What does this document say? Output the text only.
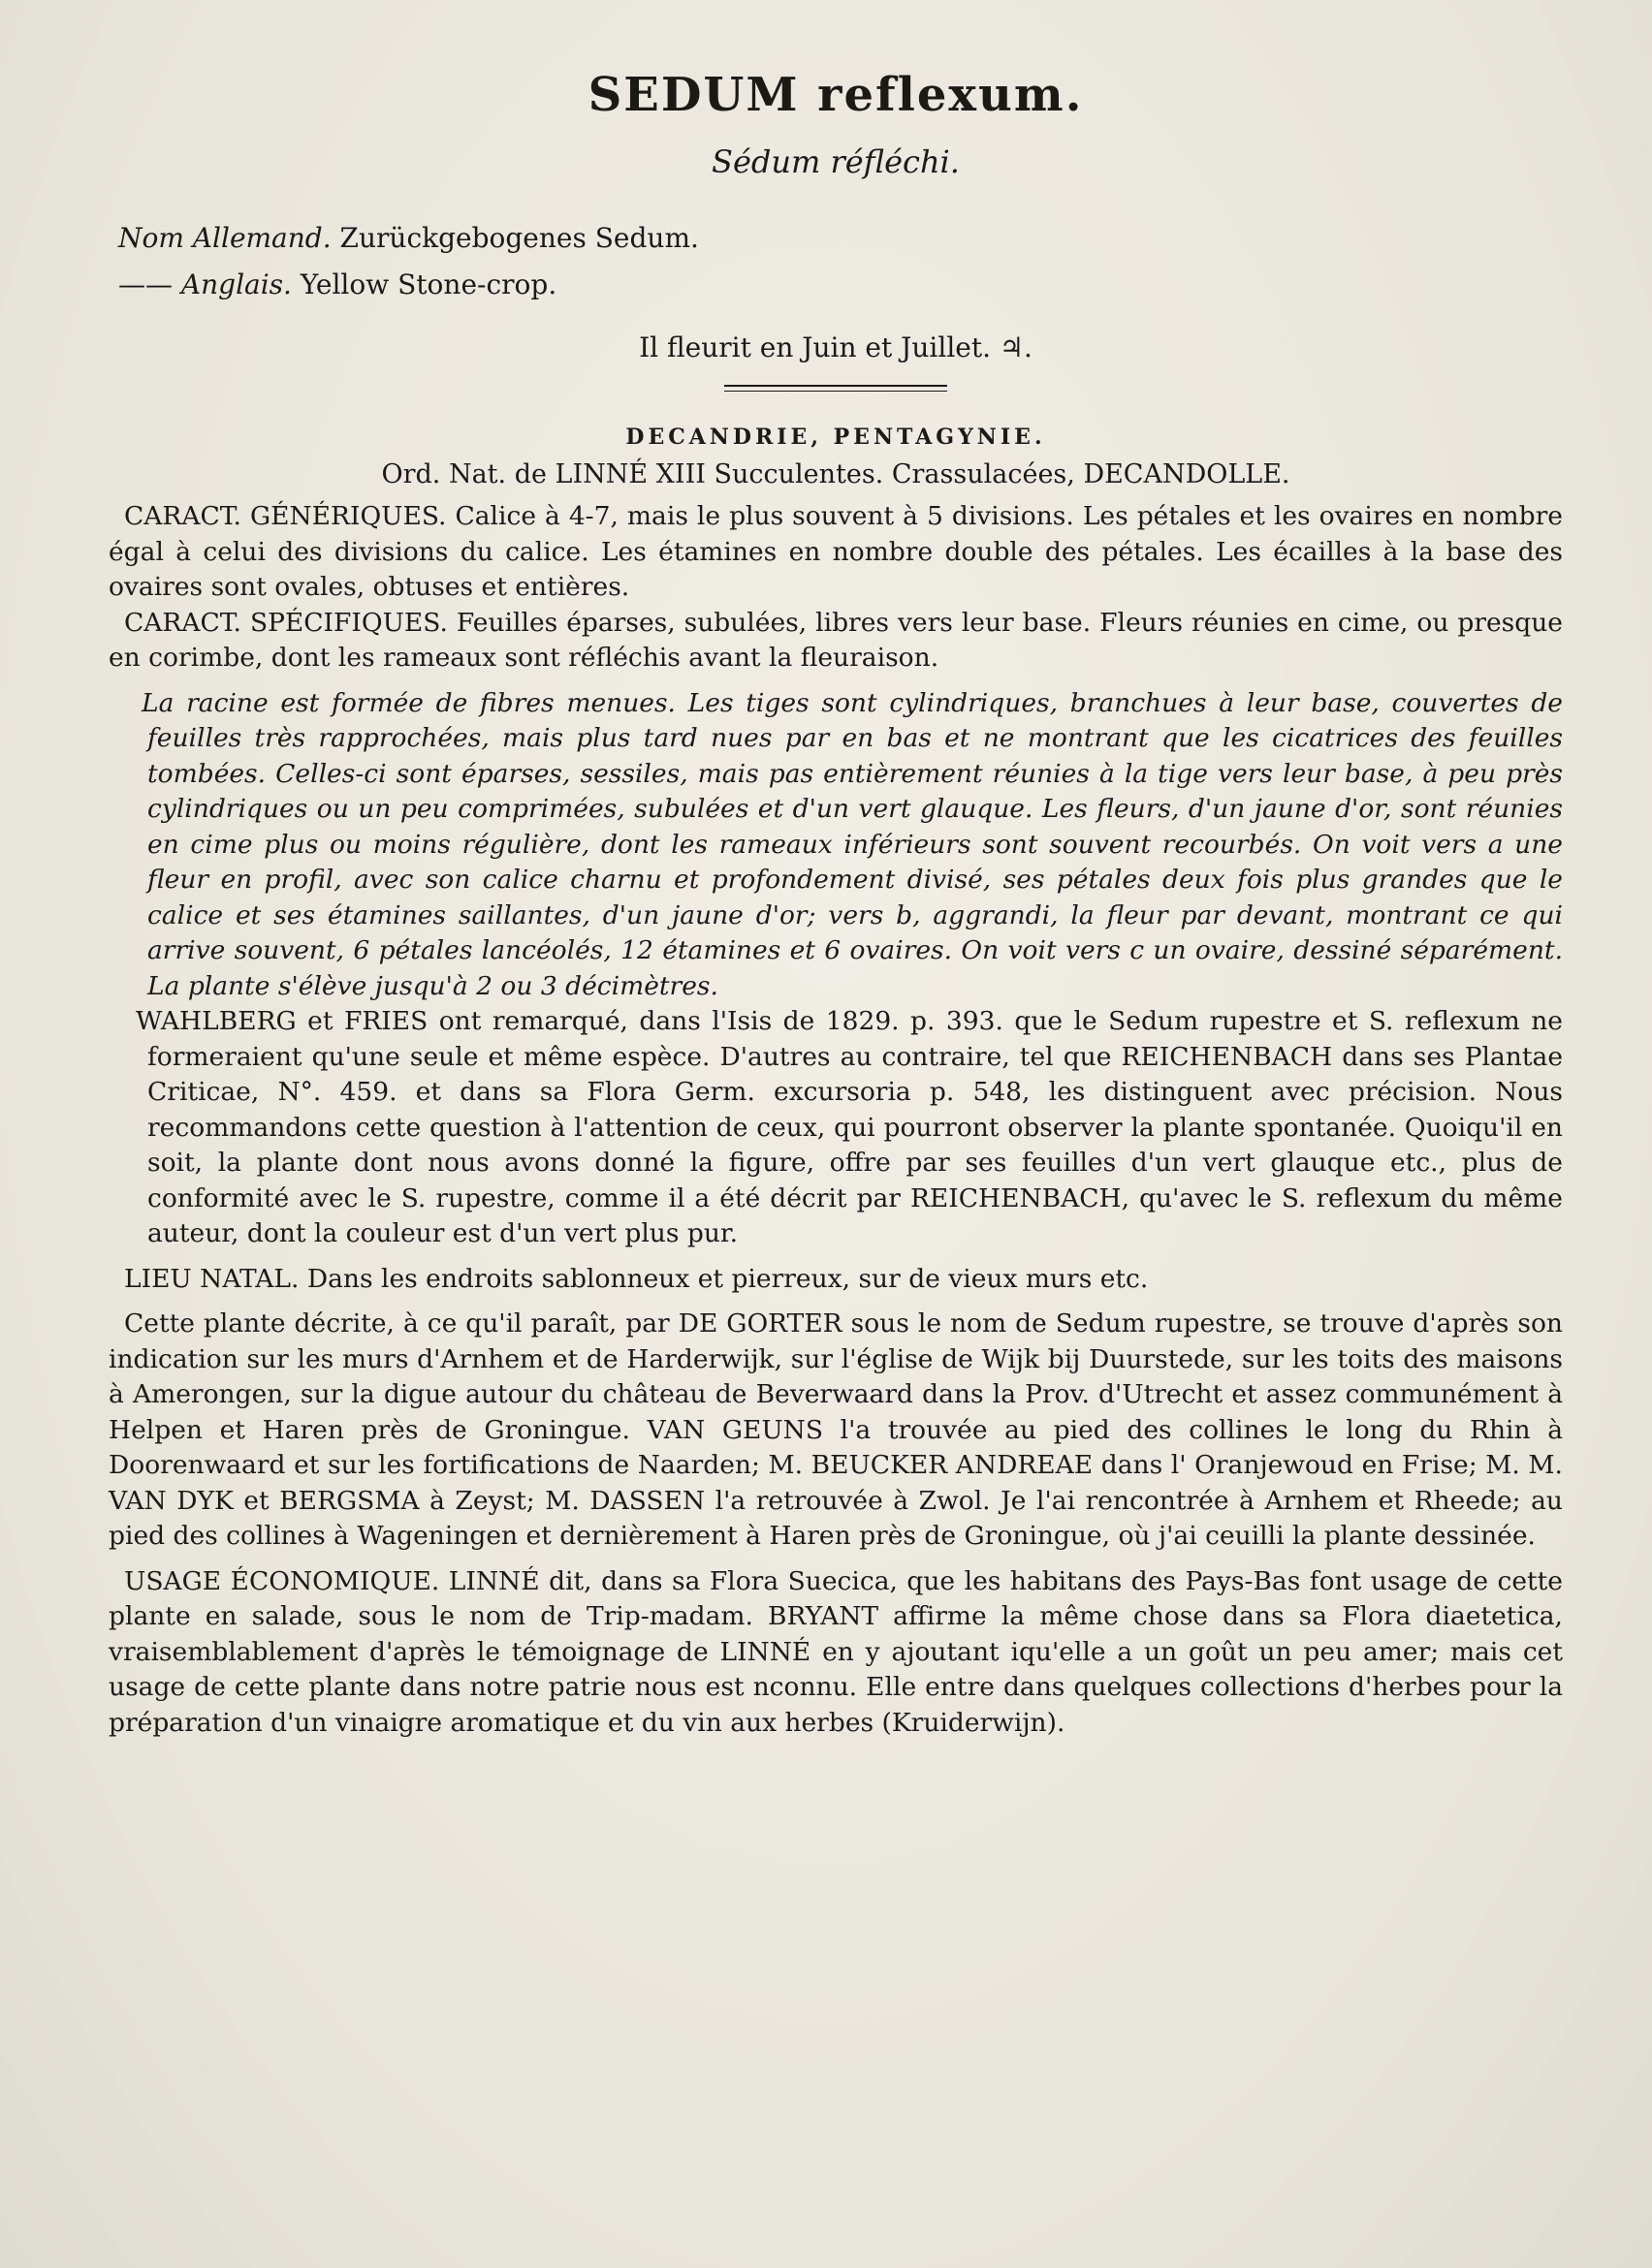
SEDUM reflexum.
Sédum réfléchi.
Nom Allemand. Zurückgebogenes Sedum.
—— Anglais. Yellow Stone-crop.
Il fleurit en Juin et Juillet. ♃.
DECANDRIE, PENTAGYNIE.
Ord. Nat. de LINNÉ XIII Succulentes. Crassulacées, DECANDOLLE.

CARACT. GÉNÉRIQUES. Calice à 4-7, mais le plus souvent à 5 divisions. Les pétales et les ovaires en nombre égal à celui des divisions du calice. Les étamines en nombre double des pétales. Les écailles à la base des ovaires sont ovales, obtuses et entières.

CARACT. SPÉCIFIQUES. Feuilles éparses, subulées, libres vers leur base. Fleurs réunies en cime, ou presque en corimbe, dont les rameaux sont réfléchis avant la fleuraison.

La racine est formée de fibres menues. Les tiges sont cylindriques, branchues à leur base, couvertes de feuilles très rapprochées, mais plus tard nues par en bas et ne montrant que les cicatrices des feuilles tombées. Celles-ci sont éparses, sessiles, mais pas entièrement réunies à la tige vers leur base, à peu près cylindriques ou un peu comprimées, subulées et d'un vert glauque. Les fleurs, d'un jaune d'or, sont réunies en cime plus ou moins régulière, dont les rameaux inférieurs sont souvent recourbés. On voit vers a une fleur en profil, avec son calice charnu et profondement divisé, ses pétales deux fois plus grandes que le calice et ses étamines saillantes, d'un jaune d'or; vers b, aggrandi, la fleur par devant, montrant ce qui arrive souvent, 6 pétales lancéolés, 12 étamines et 6 ovaires. On voit vers c un ovaire, dessiné séparément. La plante s'élève jusqu'à 2 ou 3 décimètres.

WAHLBERG et FRIES ont remarqué, dans l'Isis de 1829. p. 393. que le Sedum rupestre et S. reflexum ne formeraient qu'une seule et même espèce. D'autres au contraire, tel que REICHENBACH dans ses Plantae Criticae, N°. 459. et dans sa Flora Germ. excursoria p. 548, les distinguent avec précision. Nous recommandons cette question à l'attention de ceux, qui pourront observer la plante spontanée. Quoiqu'il en soit, la plante dont nous avons donné la figure, offre par ses feuilles d'un vert glauque etc., plus de conformité avec le S. rupestre, comme il a été décrit par REICHENBACH, qu'avec le S. reflexum du même auteur, dont la couleur est d'un vert plus pur.

LIEU NATAL. Dans les endroits sablonneux et pierreux, sur de vieux murs etc.

Cette plante décrite, à ce qu'il paraît, par DE GORTER sous le nom de Sedum rupestre, se trouve d'après son indication sur les murs d'Arnhem et de Harderwijk, sur l'église de Wijk bij Duurstede, sur les toits des maisons à Amerongen, sur la digue autour du château de Beverwaard dans la Prov. d'Utrecht et assez communément à Helpen et Haren près de Groningue. VAN GEUNS l'a trouvée au pied des collines le long du Rhin à Doorenwaard et sur les fortifications de Naarden; M. BEUCKER ANDREAE dans l' Oranjewoud en Frise; M. M. VAN DYK et BERGSMA à Zeyst; M. DASSEN l'a retrouvée à Zwol. Je l'ai rencontrée à Arnhem et Rheede; au pied des collines à Wageningen et dernièrement à Haren près de Groningue, où j'ai ceuilli la plante dessinée.

USAGE ÉCONOMIQUE. LINNÉ dit, dans sa Flora Suecica, que les habitans des Pays-Bas font usage de cette plante en salade, sous le nom de Trip-madam. BRYANT affirme la même chose dans sa Flora diaetetica, vraisemblablement d'après le témoignage de LINNÉ en y ajoutant iqu'elle a un goût un peu amer; mais cet usage de cette plante dans notre patrie nous est nconnu. Elle entre dans quelques collections d'herbes pour la préparation d'un vinaigre aromatique et du vin aux herbes (Kruiderwijn).
